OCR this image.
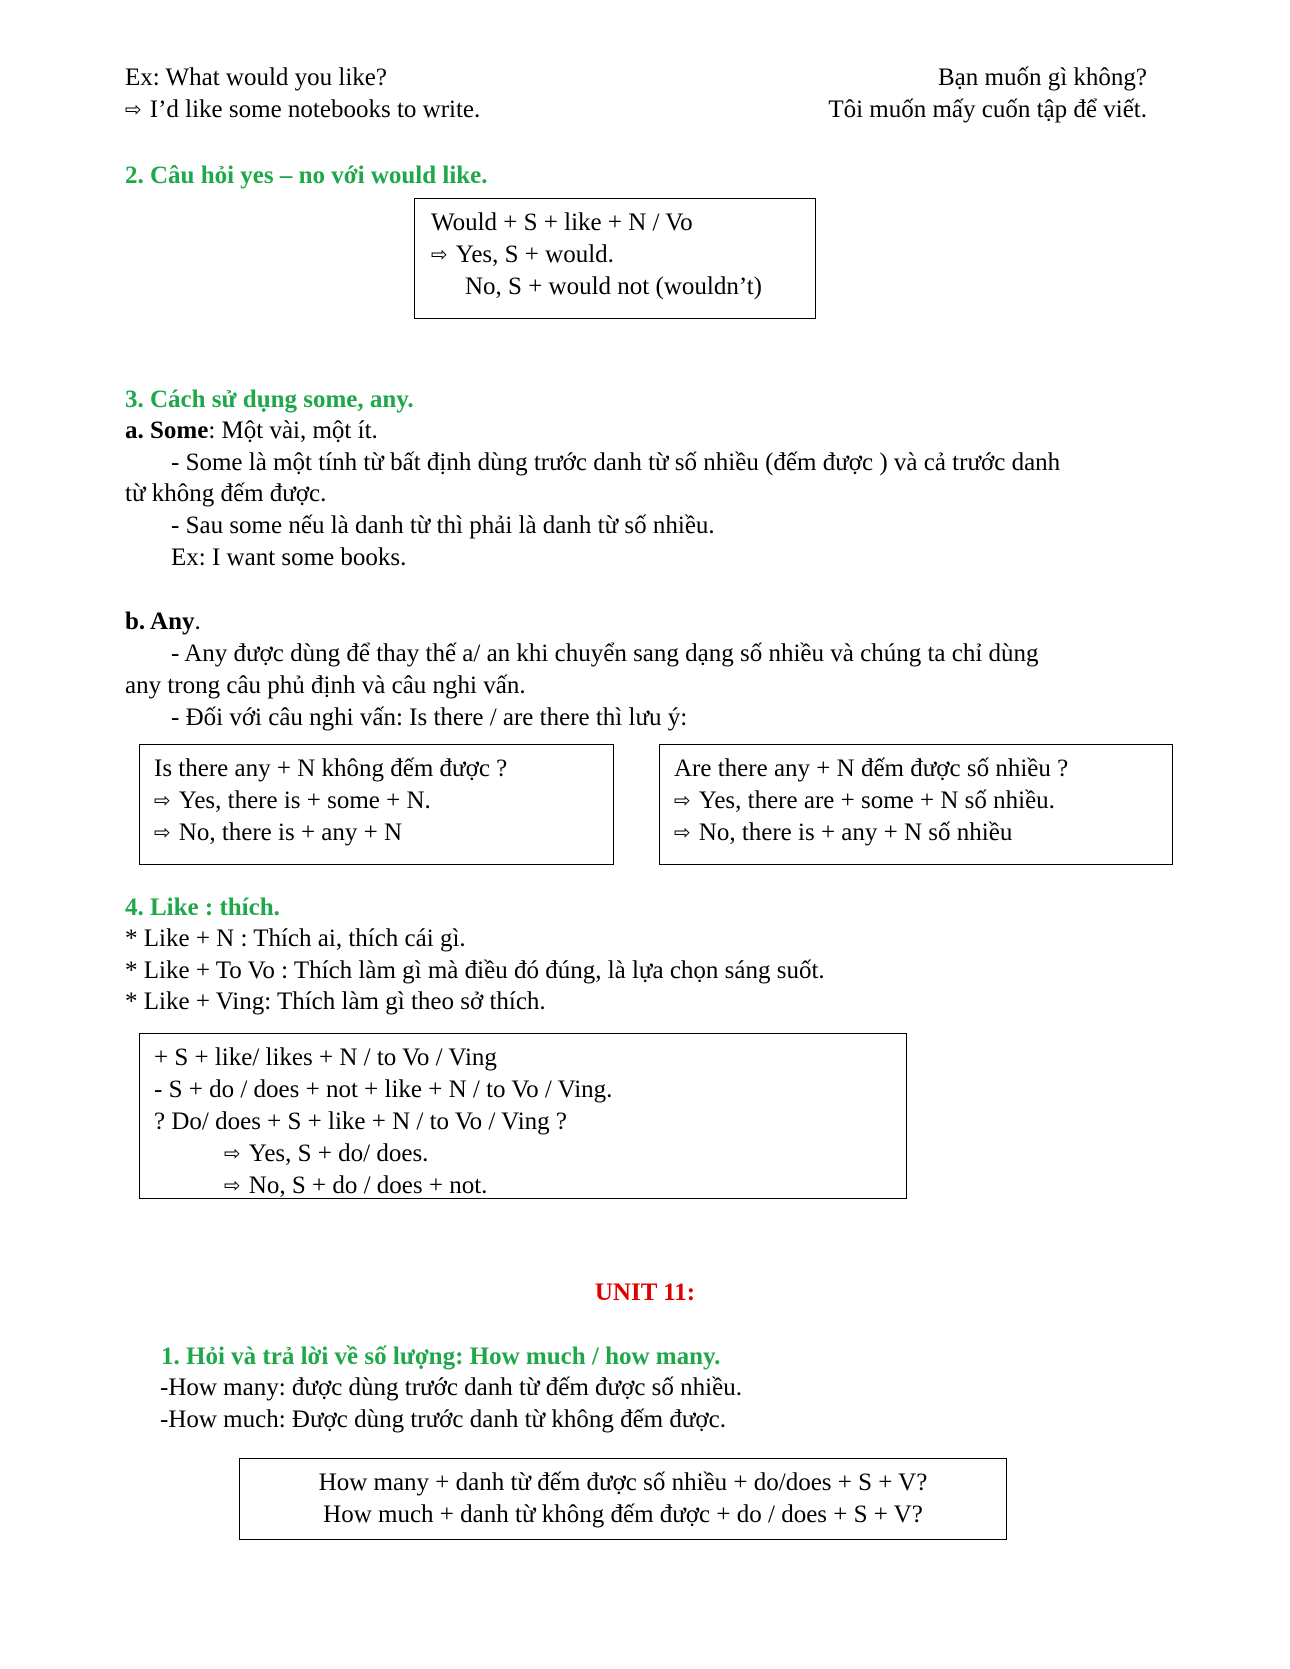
Ex: What would you like?	Bạn muốn gì không?
⇨ I’d like some notebooks to write.	Tôi muốn mấy cuốn tập để viết.
2. Câu hỏi yes – no với would like.
Would + S + like + N / Vo
⇨ Yes, S + would.
No, S + would not (wouldn’t)
3. Cách sử dụng some, any.
a. Some: Một vài, một ít.
- Some là một tính từ bất định dùng trước danh từ số nhiều (đếm được ) và cả trước danh
từ không đếm được.
- Sau some nếu là danh từ thì phải là danh từ số nhiều.
Ex: I want some books.
b. Any.
- Any được dùng để thay thế a/ an khi chuyển sang dạng số nhiều và chúng ta chỉ dùng
any trong câu phủ định và câu nghi vấn.
- Đối với câu nghi vấn: Is there / are there thì lưu ý:
Is there any + N không đếm được ?
⇨ Yes, there is + some + N.
⇨ No, there is + any + N
Are there any + N đếm được số nhiều ?
⇨ Yes, there are + some + N số nhiều.
⇨ No, there is + any + N số nhiều
4. Like : thích.
* Like + N : Thích ai, thích cái gì.
* Like + To Vo : Thích làm gì mà điều đó đúng, là lựa chọn sáng suốt.
* Like + Ving: Thích làm gì theo sở thích.
+ S + like/ likes + N / to Vo / Ving
- S + do / does + not + like + N / to Vo / Ving.
? Do/ does + S + like + N / to Vo / Ving ?
⇨ Yes, S + do/ does.
⇨ No, S + do / does + not.
UNIT 11:
1. Hỏi và trả lời về số lượng: How much / how many.
-How many: được dùng trước danh từ đếm được số nhiều.
-How much: Được dùng trước danh từ không đếm được.
How many + danh từ đếm được số nhiều + do/does + S + V?
How much + danh từ không đếm được + do / does + S + V?
